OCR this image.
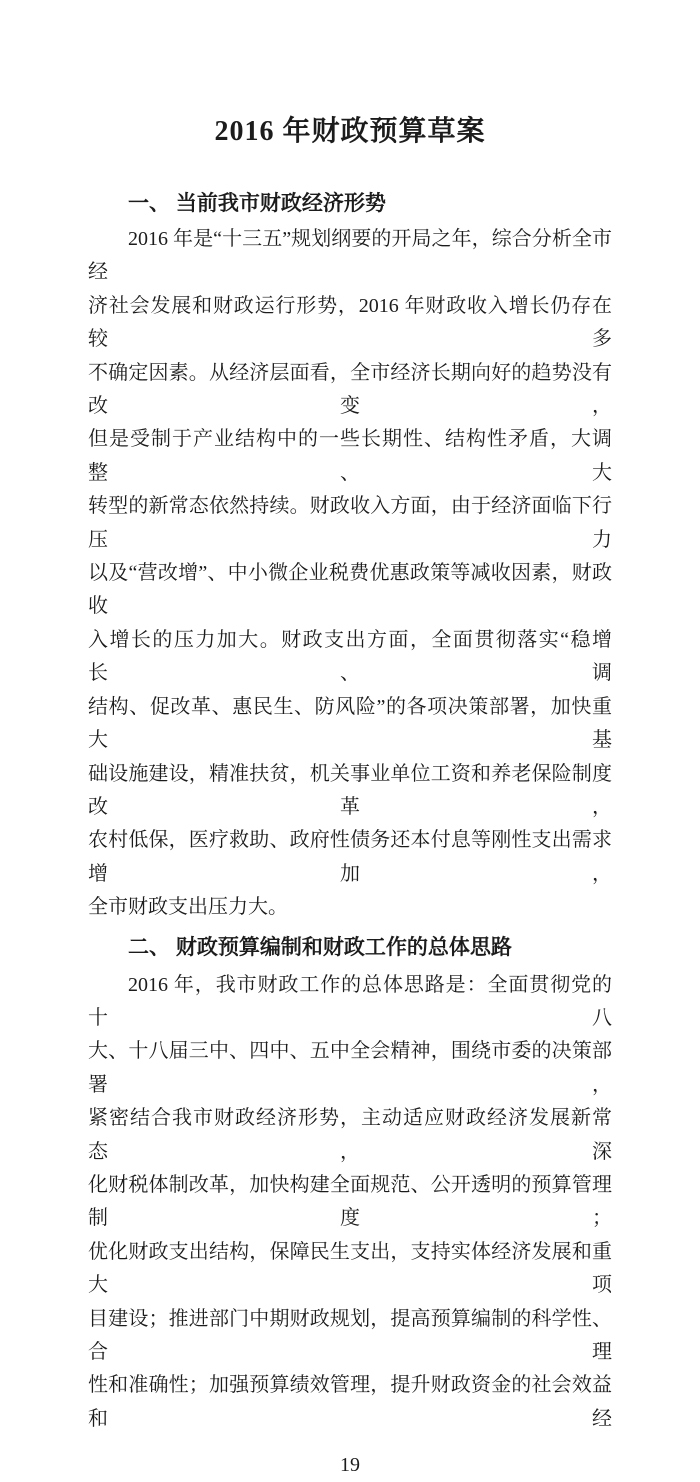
2016 年财政预算草案
一、 当前我市财政经济形势
2016 年是“十三五”规划纲要的开局之年，综合分析全市经
济社会发展和财政运行形势，2016 年财政收入增长仍存在较多
不确定因素。从经济层面看，全市经济长期向好的趋势没有改变，
但是受制于产业结构中的一些长期性、结构性矛盾，大调整、大
转型的新常态依然持续。财政收入方面，由于经济面临下行压力
以及“营改增”、中小微企业税费优惠政策等减收因素，财政收
入增长的压力加大。财政支出方面，全面贯彻落实“稳增长、调
结构、促改革、惠民生、防风险”的各项决策部署，加快重大基
础设施建设，精准扶贫，机关事业单位工资和养老保险制度改革，
农村低保，医疗救助、政府性债务还本付息等刚性支出需求增加，
全市财政支出压力大。
二、 财政预算编制和财政工作的总体思路
2016 年，我市财政工作的总体思路是：全面贯彻党的十八
大、十八届三中、四中、五中全会精神，围绕市委的决策部署，
紧密结合我市财政经济形势，主动适应财政经济发展新常态，深
化财税体制改革，加快构建全面规范、公开透明的预算管理制度；
优化财政支出结构，保障民生支出，支持实体经济发展和重大项
目建设；推进部门中期财政规划，提高预算编制的科学性、合理
性和准确性；加强预算绩效管理，提升财政资金的社会效益和经
19
